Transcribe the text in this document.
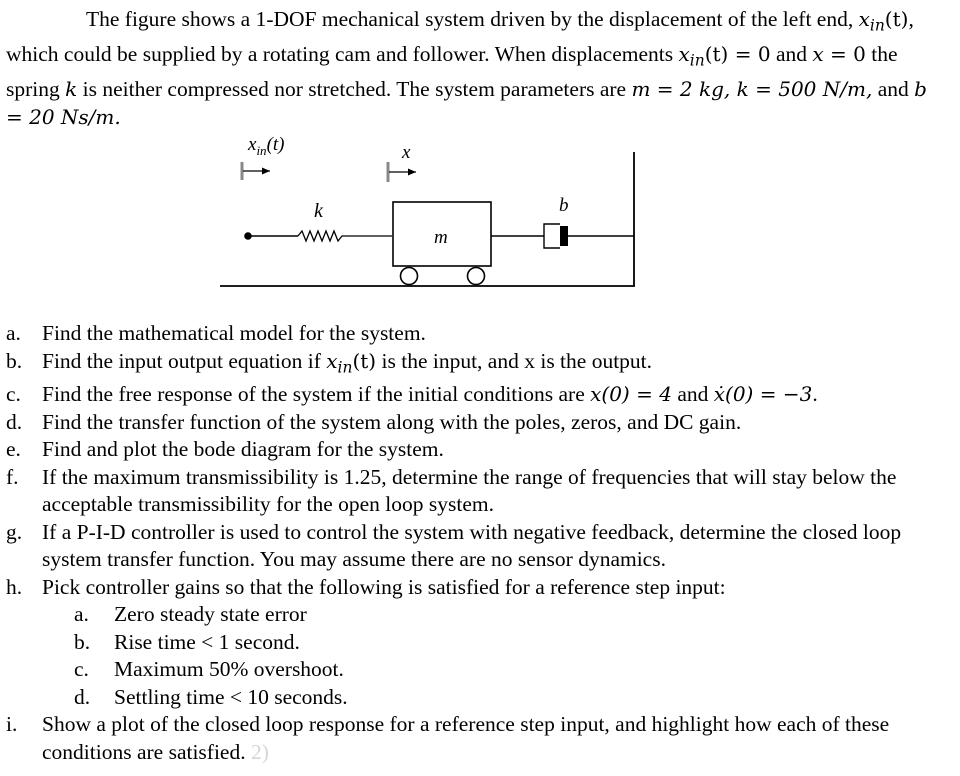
The figure shows a 1-DOF mechanical system driven by the displacement of the left end, $x_{in}(t)$, which could be supplied by a rotating cam and follower. When displacements $x_{in}(t) = 0$ and x = 0 the spring k is neither compressed nor stretched. The system parameters are m = 2 kg, k = 500 N/m, and b = 20 Ns/m.
$x_{in}(t)$	x
k
m
b
a. Find the mathematical model for the system.
b. Find the input output equation if $x_{in}(t)$ is the input, and x is the output.
c. Find the free response of the system if the initial conditions are x(0) = 4 and ẋ(0) = −3.
d. Find the transfer function of the system along with the poles, zeros, and DC gain.
e. Find and plot the bode diagram for the system.
f.	If the maximum transmissibility is 1.25, determine the range of frequencies that will stay below the acceptable transmissibility for the open loop system.
g. If a P-I-D controller is used to control the system with negative feedback, determine the closed loop system transfer function. You may assume there are no sensor dynamics.
h. Pick controller gains so that the following is satisfied for a reference step input:
a.	Zero steady state error
b.	Rise time < 1 second.
c.	Maximum 50% overshoot.
d.	Settling time < 10 seconds.
i.	Show a plot of the closed loop response for a reference step input, and highlight how each of these conditions are satisfied. 2)
